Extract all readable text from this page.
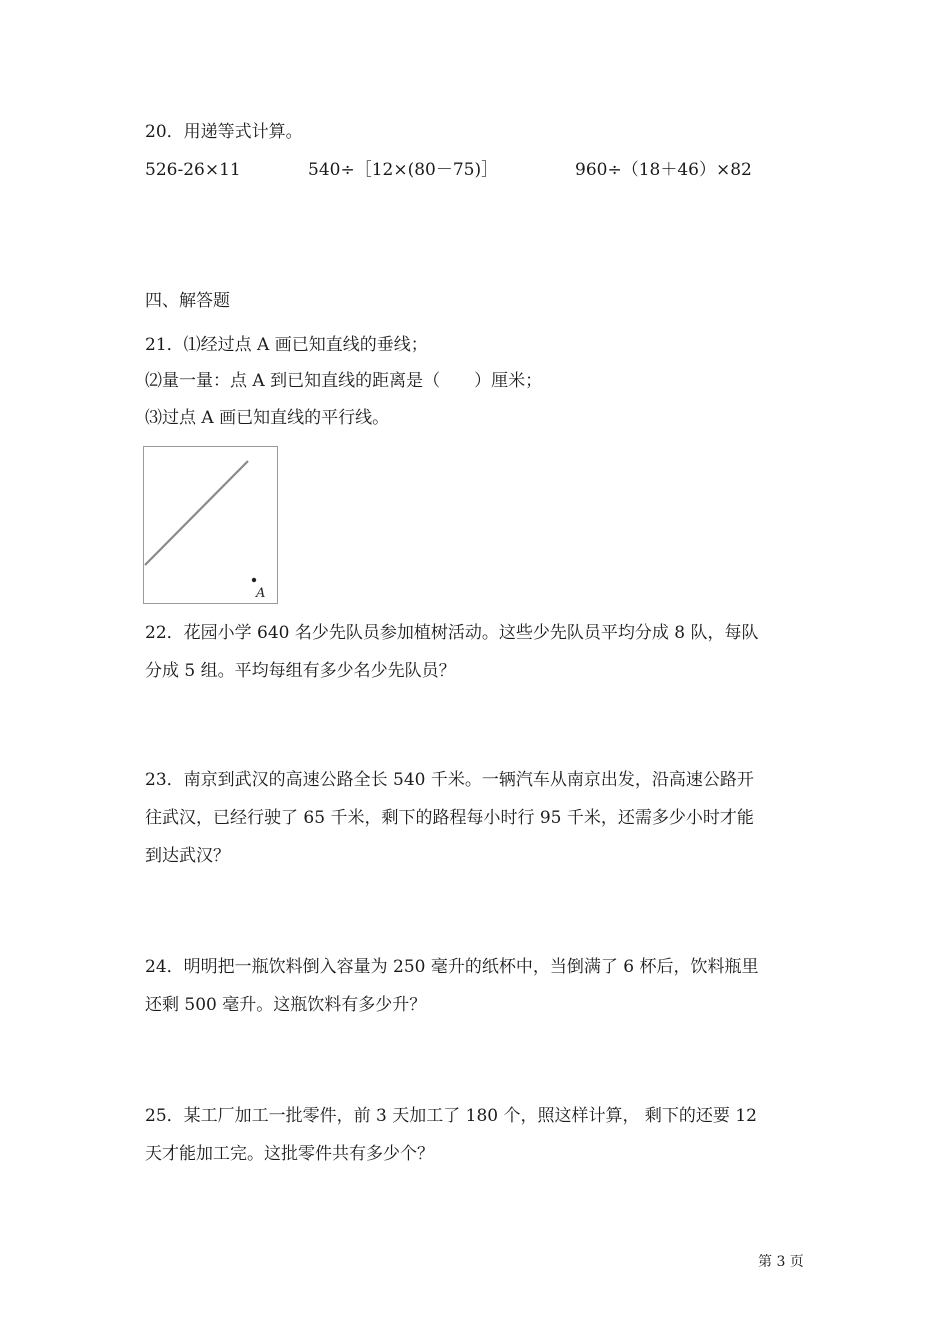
20．用递等式计算。
526-26×11	540÷［12×(80－75)］	960÷（18＋46）×82
四、解答题
21．⑴经过点 A 画已知直线的垂线；
⑵量一量：点 A 到已知直线的距离是（　　）厘米；
⑶过点 A 画已知直线的平行线。
A
22．花园小学 640 名少先队员参加植树活动。这些少先队员平均分成 8 队，每队
分成 5 组。平均每组有多少名少先队员？
23．南京到武汉的高速公路全长 540 千米。一辆汽车从南京出发，沿高速公路开
往武汉，已经行驶了 65 千米，剩下的路程每小时行 95 千米，还需多少小时才能
到达武汉？
24．明明把一瓶饮料倒入容量为 250 毫升的纸杯中，当倒满了 6 杯后，饮料瓶里
还剩 500 毫升。这瓶饮料有多少升？
25．某工厂加工一批零件，前 3 天加工了 180 个，照这样计算， 剩下的还要 12
天才能加工完。这批零件共有多少个？
第 3 页
